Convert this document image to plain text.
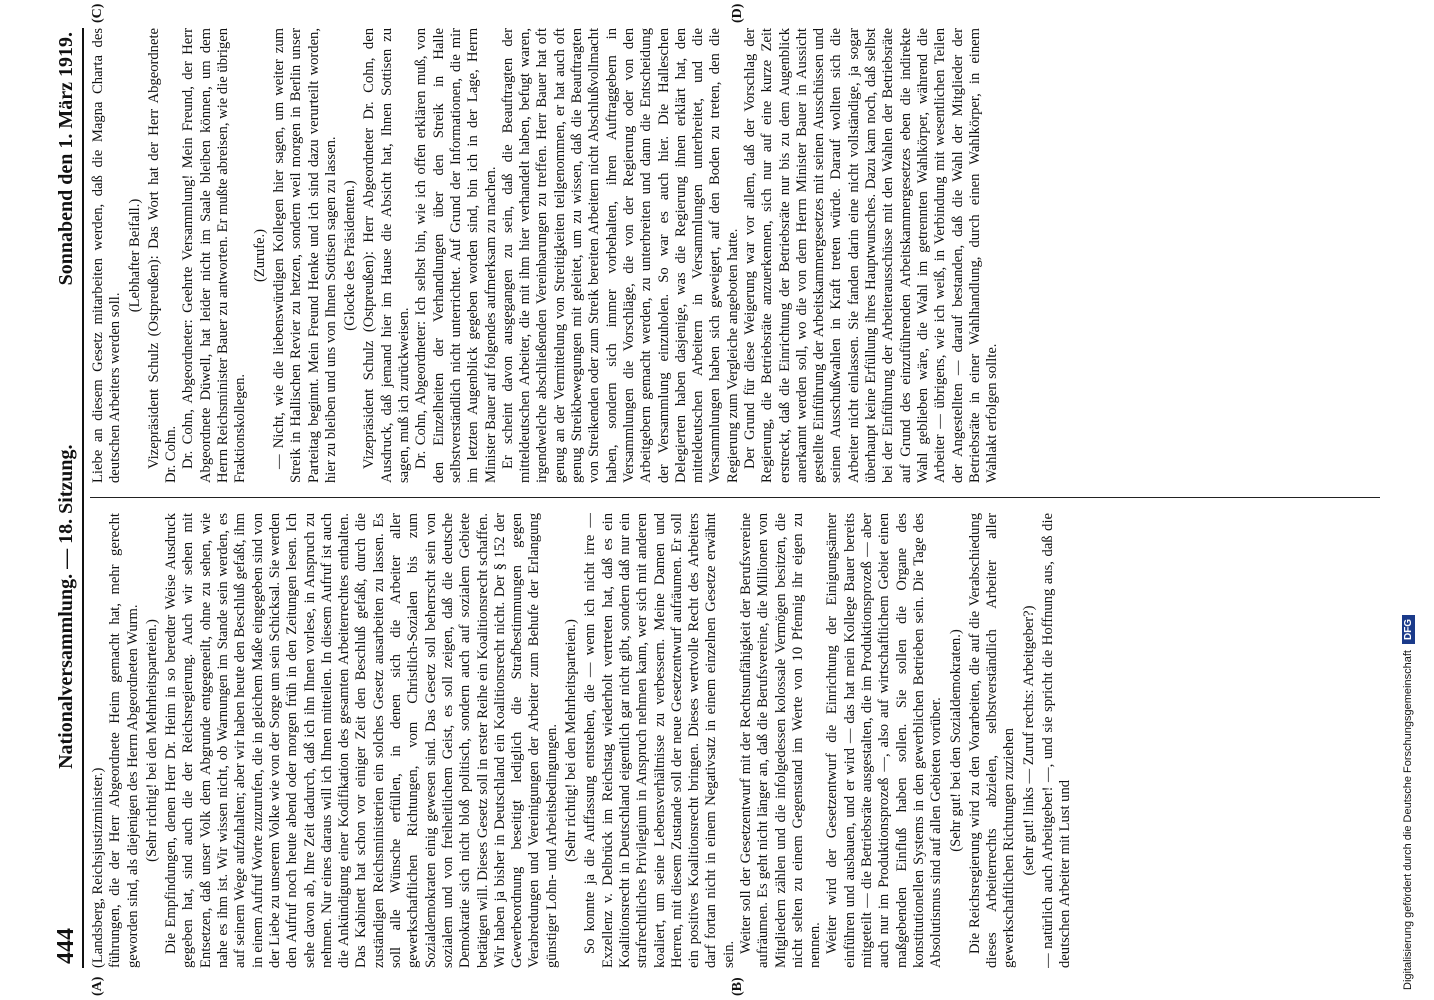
444
Nationalversammlung. — 18. Sitzung.
Sonnabend den 1. März 1919.

(Landsberg, Reichsjustizminister.) führungen, die der Herr Abgeordnete Heim gemacht hat, mehr gerecht geworden sind, als diejenigen des Herrn Abgeordneten Wurm. (Sehr richtig! bei den Mehrheitsparteien.) Die Empfindungen, denen Herr Dr. Heim in so beredter Weise Ausdruck gegeben hat, sind auch die der Reichsregierung. Auch wir sehen mit Entsetzen, daß unser Volk dem Abgrunde entgegeneilt, ohne zu sehen, wie nahe es ihm ist. Wir wissen nicht, ob Warnungen im Stande sein werden, es auf seinem Wege aufzuhalten; aber wir haben heute den Beschluß gefaßt, ihm in einem Aufruf Worte zuzurufen, die in gleichem Maße eingegeben sind von der Liebe zu unserem Volke wie von der Sorge um sein Schicksal. Sie werden den Aufruf noch heute abend oder morgen früh in den Zeitungen lesen. Ich sehe davon ab, Ihre Zeit dadurch, daß ich ihn Ihnen vorlese, in Anspruch zu nehmen. Nur eines daraus will ich Ihnen mitteilen. In diesem Aufruf ist auch die Ankündigung einer Kodifikation des gesamten Arbeiterrechtes enthalten. Das Kabinett hat schon vor einiger Zeit den Beschluß gefaßt, durch die zuständigen Reichsministerien ein solches Gesetz ausarbeiten zu lassen. Es soll alle Wünsche erfüllen, in denen sich die Arbeiter aller gewerkschaftlichen Richtungen, vom Christlich-Sozialen bis zum Sozialdemokraten einig gewesen sind. Das Gesetz soll beherrscht sein von sozialem und von freiheitlichem Geist, es soll zeigen, daß die deutsche Demokratie sich nicht bloß politisch, sondern auch auf sozialem Gebiete betätigen will. Dieses Gesetz soll in erster Reihe ein Koalitionsrecht schaffen. Wir haben ja bisher in Deutschland ein Koalitionsrecht nicht. Der § 152 der Gewerbeordnung beseitigt lediglich die Strafbestimmungen gegen Verabredungen und Vereinigungen der Arbeiter zum Behufe der Erlangung günstiger Lohn- und Arbeitsbedingungen. (Sehr richtig! bei den Mehrheitsparteien.) So konnte ja die Auffassung entstehen, die — wenn ich nicht irre — Exzellenz v. Delbrück im Reichstag wiederholt vertreten hat, daß es ein Koalitionsrecht in Deutschland eigentlich gar nicht gibt, sondern daß nur ein strafrechtliches Privilegium in Anspruch nehmen kann, wer sich mit anderen koaliert, um seine Lebensverhältnisse zu verbessern. Meine Damen und Herren, mit diesem Zustande soll der neue Gesetzentwurf aufräumen. Er soll ein positives Koalitionsrecht bringen. Dieses wertvolle Recht des Arbeiters darf fortan nicht in einem Negativsatz in einem einzelnen Gesetze erwähnt sein.

Weiter soll der Gesetzentwurf mit der Rechtsunfähigkeit der Berufsvereine aufräumen. Es geht nicht länger an, daß die Berufsvereine, die Millionen von Mitgliedern zählen und die infolgedessen kolossale Vermögen besitzen, die nicht selten zu einem Gegenstand im Werte von 10 Pfennig ihr eigen zu nennen. Weiter wird der Gesetzentwurf die Einrichtung der Einigungsämter einführen und ausbauen, und er wird — das hat mein Kollege Bauer bereits mitgeteilt — die Betriebsräte ausgestalten, die im Produktionsprozeß — aber auch nur im Produktionsprozeß —, also auf wirtschaftlichem Gebiet einen maßgebenden Einfluß haben sollen. Sie sollen die Organe des konstitutionellen Systems in den gewerblichen Betrieben sein. Die Tage des Absolutismus sind auf allen Gebieten vorüber. (Sehr gut! bei den Sozialdemokraten.) Die Reichsregierung wird zu den Vorarbeiten, die auf die Verabschiedung dieses Arbeiterrechts abzielen, selbstverständlich Arbeiter aller gewerkschaftlichen Richtungen zuziehen (sehr gut! links — Zuruf rechts: Arbeitgeber?) — natürlich auch Arbeitgeber! —, und sie spricht die Hoffnung aus, daß die deutschen Arbeiter mit Lust und

Liebe an diesem Gesetz mitarbeiten werden, daß die Magna Charta des deutschen Arbeiters werden soll.

(Lebhafter Beifall.) Vizepräsident Schulz (Ostpreußen): Das Wort hat der Herr Abgeordnete Dr. Cohn. Dr. Cohn, Abgeordneter: Geehrte Versammlung! Mein Freund, der Herr Abgeordnete Düwell, hat leider nicht im Saale bleiben können, um dem Herrn Reichsminister Bauer zu antworten. Er mußte abreisen, wie die übrigen Fraktionskollegen.

(Zurufe.) — Nicht, wie die liebenswürdigen Kollegen hier sagen, um weiter zum Streik in Hallischen Revier zu hetzen, sondern weil morgen in Berlin unser Parteitag beginnt. Mein Freund Henke und ich sind dazu verurteilt worden, hier zu bleiben und uns von Ihnen Sottisen sagen zu lassen. (Glocke des Präsidenten.) Vizepräsident Schulz (Ostpreußen): Herr Abgeordneter Dr. Cohn, den Ausdruck, daß jemand hier im Hause die Absicht hat, Ihnen Sottisen zu sagen, muß ich zurückweisen. Dr. Cohn, Abgeordneter: Ich selbst bin, wie ich offen erklären muß, von den Einzelheiten der Verhandlungen über den Streik in Halle selbstverständlich nicht unterrichtet. Auf Grund der Informationen, die mir im letzten Augenblick gegeben worden sind, bin ich in der Lage, Herrn Minister Bauer auf folgendes aufmerksam zu machen. Er scheint davon ausgegangen zu sein, daß die Beauftragten der mitteldeutschen Arbeiter, die mit ihm hier verhandelt haben, befugt waren, irgendwelche abschließenden Vereinbarungen zu treffen. Herr Bauer hat oft genug an der Vermittelung von Streitigkeiten teilgenommen, er hat auch oft genug Streikbewegungen mit geleitet, um zu wissen, daß die Beauftragten von Streikenden oder zum Streik bereiten Arbeitern nicht Abschlußvollmacht haben, sondern sich immer vorbehalten, ihren Auftraggebern in Versammlungen die Vorschläge, die von der Regierung oder von den Arbeitgebern gemacht werden, zu unterbreiten und dann die Entscheidung der Versammlung einzuholen. So war es auch hier. Die Halleschen Delegierten haben dasjenige, was die Regierung ihnen erklärt hat, den mitteldeutschen Arbeitern in Versammlungen unterbreitet, und die Versammlungen haben sich geweigert, auf den Boden zu treten, den die Regierung zum Vergleiche angeboten hatte. Der Grund für diese Weigerung war vor allem, daß der Vorschlag der Regierung, die Betriebsräte anzuerkennen, sich nur auf eine kurze Zeit erstreckt, daß die Einrichtung der Betriebsräte nur bis zu dem Augenblick anerkannt werden soll, wo die von dem Herrn Minister Bauer in Aussicht gestellte Einführung der Arbeitskammergesetzes mit seinen Ausschüssen und seinen Ausschußwahlen in Kraft treten würde. Darauf wollten sich die Arbeiter nicht einlassen. Sie fanden darin eine nicht vollständige, ja sogar überhaupt keine Erfüllung ihres Hauptwunsches. Dazu kam noch, daß selbst bei der Einführung der Arbeiterausschüsse mit den Wahlen der Betriebsräte auf Grund des einzuführenden Arbeitskammergesetzes eben die indirekte Wahl geblieben wäre, die Wahl im getrennten Wahlkörper, während die Arbeiter — übrigens, wie ich weiß, in Verbindung mit wesentlichen Teilen der Angestellten — darauf bestanden, daß die Wahl der Mitglieder der Betriebsräte in einer Wahlhandlung, durch einen Wahlkörper, in einem Wahlakt erfolgen sollte.

(A)	(B)
(C)	(D)
Digitalisierung gefördert durch die Deutsche Forschungsgemeinschaft
DFG
